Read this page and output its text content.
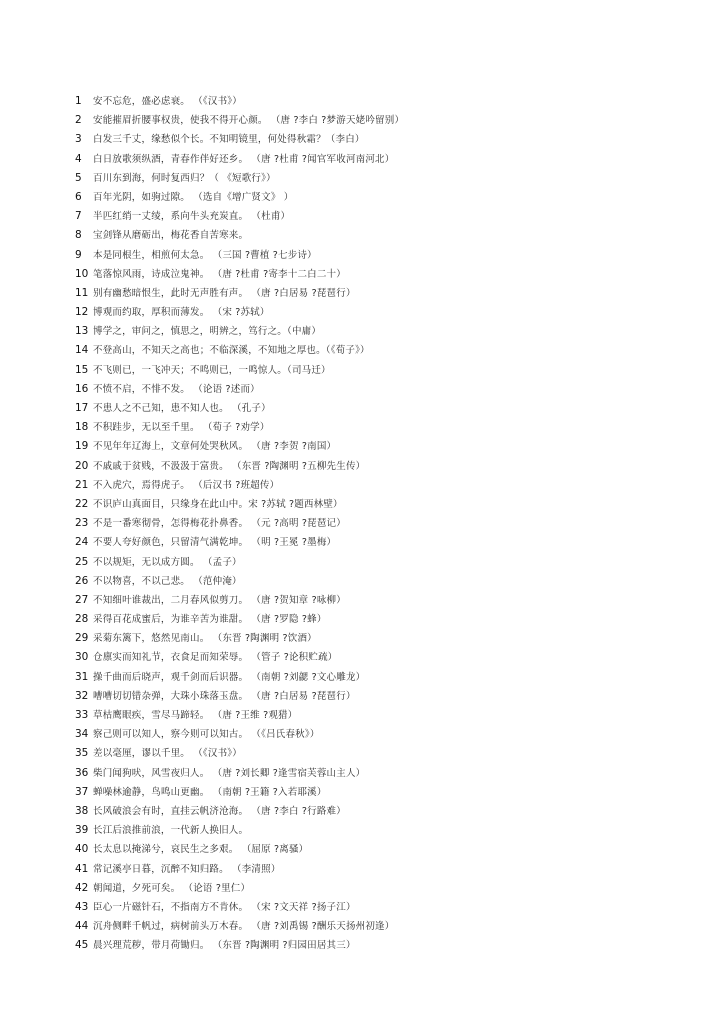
1 安不忘危，盛必虑衰。 （《汉书》）
2 安能摧眉折腰事权贵，使我不得开心颜。 （唐 ?李白 ?梦游天姥吟留别）
3 白发三千丈，缘愁似个长。不知明镜里，何处得秋霜？（李白）
4 白日放歌须纵酒，青春作伴好还乡。 （唐 ?杜甫 ?闻官军收河南河北）
5 百川东到海，何时复西归？（ 《短歌行》）
6 百年光阴，如驹过隙。 （选自《增广贤文》 ）
7 半匹红绡一丈绫，系向牛头充炭直。 （杜甫）
8 宝剑锋从磨砺出，梅花香自苦寒来。
9 本是同根生，相煎何太急。 （三国 ?曹植 ?七步诗）
10 笔落惊风雨，诗成泣鬼神。 （唐 ?杜甫 ?寄李十二白二十）
11 别有幽愁暗恨生，此时无声胜有声。 （唐 ?白居易 ?琵琶行）
12 博观而约取，厚积而薄发。 （宋 ?苏轼）
13 博学之，审问之，慎思之，明辨之，笃行之。（中庸）
14 不登高山，不知天之高也；不临深溪，不知地之厚也。（《荀子》）
15 不飞则已，一飞冲天；不鸣则已，一鸣惊人。（司马迁）
16 不愤不启，不悱不发。 （论语 ?述而）
17 不患人之不己知，患不知人也。 （孔子）
18 不积跬步，无以至千里。 （荀子 ?劝学）
19 不见年年辽海上，文章何处哭秋风。 （唐 ?李贺 ?南国）
20 不戚戚于贫贱，不汲汲于富贵。 （东晋 ?陶渊明 ?五柳先生传）
21 不入虎穴，焉得虎子。 （后汉书 ?班超传）
22 不识庐山真面目，只缘身在此山中。宋 ?苏轼 ?题西林壁）
23 不是一番寒彻骨，怎得梅花扑鼻香。 （元 ?高明 ?琵琶记）
24 不要人夸好颜色，只留清气满乾坤。 （明 ?王冕 ?墨梅）
25 不以规矩，无以成方圆。 （孟子）
26 不以物喜，不以己悲。 （范仲淹）
27 不知细叶谁裁出，二月春风似剪刀。 （唐 ?贺知章 ?咏柳）
28 采得百花成蜜后，为谁辛苦为谁甜。 （唐 ?罗隐 ?蜂）
29 采菊东篱下，悠然见南山。 （东晋 ?陶渊明 ?饮酒）
30 仓廪实而知礼节，衣食足而知荣辱。 （管子 ?论积贮疏）
31 操千曲而后晓声，观千剑而后识器。 （南朝 ?刘勰 ?文心雕龙）
32 嘈嘈切切错杂弹，大珠小珠落玉盘。 （唐 ?白居易 ?琵琶行）
33 草枯鹰眼疾，雪尽马蹄轻。 （唐 ?王维 ?观猎）
34 察己则可以知人，察今则可以知古。 （《吕氏春秋》）
35 差以毫厘，谬以千里。 （《汉书》）
36 柴门闻狗吠，风雪夜归人。 （唐 ?刘长卿 ?逢雪宿芙蓉山主人）
37 蝉噪林逾静，鸟鸣山更幽。 （南朝 ?王籍 ?入若耶溪）
38 长风破浪会有时，直挂云帆济沧海。 （唐 ?李白 ?行路难）
39 长江后浪推前浪，一代新人换旧人。
40 长太息以掩涕兮，哀民生之多艰。 （屈原 ?离骚）
41 常记溪亭日暮，沉醉不知归路。 （李清照）
42 朝闻道，夕死可矣。 （论语 ?里仁）
43 臣心一片磁针石，不指南方不肯休。 （宋 ?文天祥 ?扬子江）
44 沉舟侧畔千帆过，病树前头万木春。 （唐 ?刘禹锡 ?酬乐天扬州初逢）
45 晨兴理荒秽，带月荷锄归。 （东晋 ?陶渊明 ?归园田居其三）
